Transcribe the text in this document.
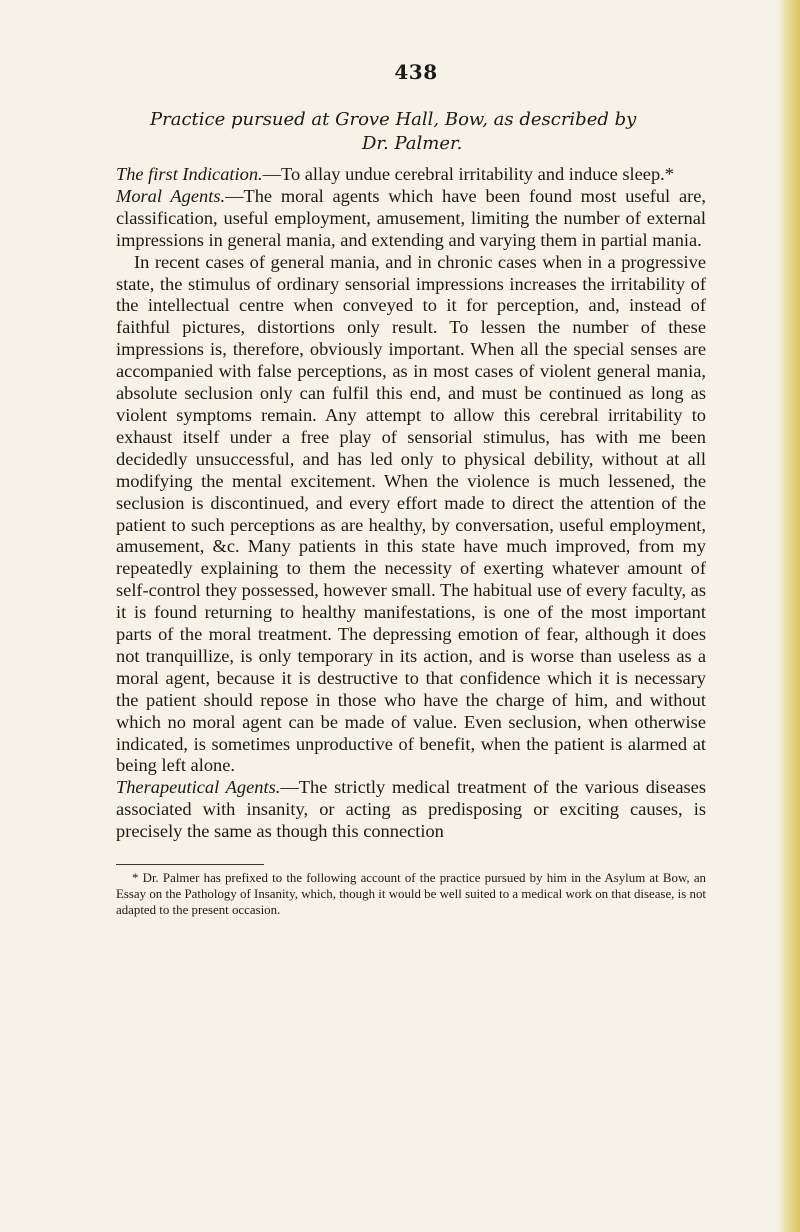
438
Practice pursued at Grove Hall, Bow, as described by
Dr. Palmer.

The first Indication.—To allay undue cerebral irritability and induce sleep.*

Moral Agents.—The moral agents which have been found most useful are, classification, useful employment, amusement, limiting the number of external impressions in general mania, and extending and varying them in partial mania.

In recent cases of general mania, and in chronic cases when in a progressive state, the stimulus of ordinary sensorial impressions increases the irritability of the intellectual centre when conveyed to it for perception, and, instead of faithful pictures, distortions only result. To lessen the number of these impressions is, therefore, obviously important. When all the special senses are accompanied with false perceptions, as in most cases of violent general mania, absolute seclusion only can fulfil this end, and must be continued as long as violent symptoms remain. Any attempt to allow this cerebral irritability to exhaust itself under a free play of sensorial stimulus, has with me been decidedly unsuccessful, and has led only to physical debility, without at all modifying the mental excitement. When the violence is much lessened, the seclusion is discontinued, and every effort made to direct the attention of the patient to such perceptions as are healthy, by conversation, useful employment, amusement, &c. Many patients in this state have much improved, from my repeatedly explaining to them the necessity of exerting whatever amount of self-control they possessed, however small. The habitual use of every faculty, as it is found returning to healthy manifestations, is one of the most important parts of the moral treatment. The depressing emotion of fear, although it does not tranquillize, is only temporary in its action, and is worse than useless as a moral agent, because it is destructive to that confidence which it is necessary the patient should repose in those who have the charge of him, and without which no moral agent can be made of value. Even seclusion, when otherwise indicated, is sometimes unproductive of benefit, when the patient is alarmed at being left alone.

Therapeutical Agents.—The strictly medical treatment of the various diseases associated with insanity, or acting as predisposing or exciting causes, is precisely the same as though this connection

* Dr. Palmer has prefixed to the following account of the practice pursued by him in the Asylum at Bow, an Essay on the Pathology of Insanity, which, though it would be well suited to a medical work on that disease, is not adapted to the present occasion.
